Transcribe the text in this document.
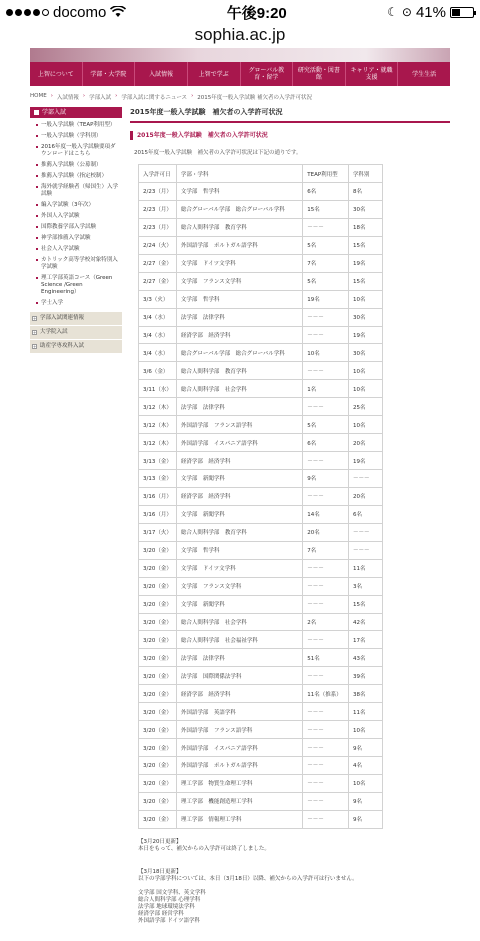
docomo	午後9:20	☾ ⊙ 41%
sophia.ac.jp
上智について	学部・大学院	入試情報	上智で学ぶ	グローバル教育・留学
研究活動・図書館
キャリア・就職支援	学生生活
HOME › 入試情報 › 学部入試 › 学部入試に関するニュース › 2015年度一般入学試験 補欠者の入学許可状況
学部入試
一般入学試験（TEAP利用型）
一般入学試験（学科別）
2016年度一般入学試験要項ダウンロードはこちら
推薦入学試験（公募制）
推薦入学試験（指定校制）
海外就学経験者（帰国生）入学試験
編入学試験（3年次）
外国人入学試験
国際教養学部入学試験
神学部推薦入学試験
社会人入学試験
カトリック高等学校対象特別入学試験
理工学部英語コース（Green Science /Green Engineering）
学士入学
+ 学部入試関連情報
+ 大学院入試
+ 助産学専攻科入試
2015年度一般入学試験　補欠者の入学許可状況
2015年度一般入学試験　補欠者の入学許可状況
2015年度一般入学試験　補欠者の入学許可状況は下記の通りです。
入学許可日	学部・学科	TEAP利用型	学科別
2/23（月）	文学部　哲学科	6名	8名
2/23（月）	総合グローバル学部　総合グローバル学科	15名	30名
2/23（月）	総合人間科学部　教育学科	－－－	18名
2/24（火）	外国語学部　ポルトガル語学科	5名	15名
2/27（金）	文学部　ドイツ文学科	7名	19名
2/27（金）	文学部　フランス文学科	5名	15名
3/3（火）	文学部　哲学科	19名	10名
3/4（水）	法学部　法律学科	－－－	30名
3/4（水）	経済学部　経済学科	－－－	19名
3/4（水）	総合グローバル学部　総合グローバル学科	10名	30名
3/6（金）	総合人間科学部　教育学科	－－－	10名
3/11（水）	総合人間科学部　社会学科	1名	10名
3/12（木）	法学部　法律学科	－－－	25名
3/12（木）	外国語学部　フランス語学科	5名	10名
3/12（木）	外国語学部　イスパニア語学科	6名	20名
3/13（金）	経済学部　経済学科	－－－	19名
3/13（金）	文学部　新聞学科	9名	－－－
3/16（月）	経済学部　経済学科	－－－	20名
3/16（月）	文学部　新聞学科	14名	6名
3/17（火）	総合人間科学部　教育学科	20名	－－－
3/20（金）	文学部　哲学科	7名	－－－
3/20（金）	文学部　ドイツ文学科	－－－	11名
3/20（金）	文学部　フランス文学科	－－－	3名
3/20（金）	文学部　新聞学科	－－－	15名
3/20（金）	総合人間科学部　社会学科	2名	42名
3/20（金）	総合人間科学部　社会福祉学科	－－－	17名
3/20（金）	法学部　法律学科	51名	43名
3/20（金）	法学部　国際関係法学科	－－－	39名
3/20（金）	経済学部　経済学科	11名（推系）	38名
3/20（金）	外国語学部　英語学科	－－－	11名
3/20（金）	外国語学部　フランス語学科	－－－	10名
3/20（金）	外国語学部　イスパニア語学科	－－－	9名
3/20（金）	外国語学部　ポルトガル語学科	－－－	4名
3/20（金）	理工学部　物質生命理工学科	－－－	10名
3/20（金）	理工学部　機能創造理工学科	－－－	9名
3/20（金）	理工学部　情報理工学科	－－－	9名
【3月20日更新】
本日をもって、補欠からの入学許可は終了しました。
【3月18日更新】
以下の学部学科については、本日（3月18日）以降、補欠からの入学許可は行いません。
文学部 国文学科、英文学科
総合人間科学部 心理学科
法学部 地球環境法学科
経済学部 経営学科
外国語学部 ドイツ語学科
